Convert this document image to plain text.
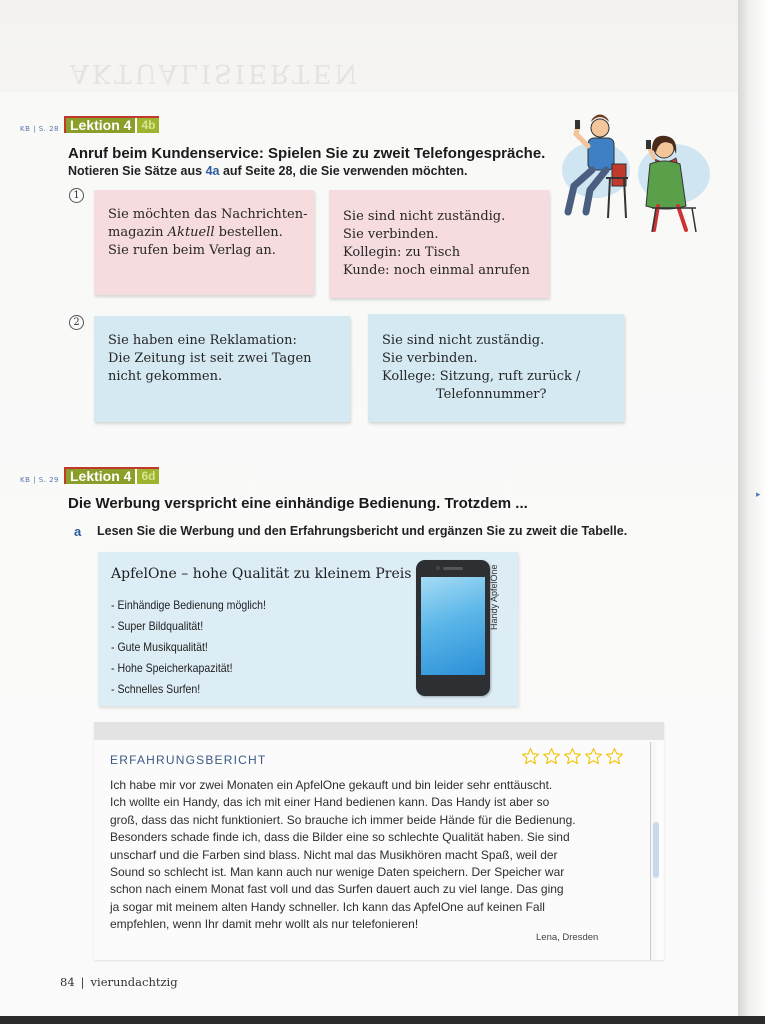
AKTUALISIERTEN
▸
KB | S. 28 Lektion 4 4b
Anruf beim Kundenservice: Spielen Sie zu zweit Telefongespräche.
Notieren Sie Sätze aus 4a auf Seite 28, die Sie verwenden möchten.
1
Sie möchten das Nachrichten-
magazin Aktuell bestellen.
Sie rufen beim Verlag an.
Sie sind nicht zuständig.
Sie verbinden.
Kollegin: zu Tisch
Kunde: noch einmal anrufen
2
Sie haben eine Reklamation:
Die Zeitung ist seit zwei Tagen
nicht gekommen.
Sie sind nicht zuständig.
Sie verbinden.
Kollege: Sitzung, ruft zurück /
Telefonnummer?
KB | S. 29 Lektion 4 6d
Die Werbung verspricht eine einhändige Bedienung. Trotzdem ...
a Lesen Sie die Werbung und den Erfahrungsbericht und ergänzen Sie zu zweit die Tabelle.
ApfelOne – hohe Qualität zu kleinem Preis
- Einhändige Bedienung möglich!
- Super Bildqualität!
- Gute Musikqualität!
- Hohe Speicherkapazität!
- Schnelles Surfen!
Handy ApfelOne
ERFAHRUNGSBERICHT
Ich habe mir vor zwei Monaten ein ApfelOne gekauft und bin leider sehr enttäuscht.
Ich wollte ein Handy, das ich mit einer Hand bedienen kann. Das Handy ist aber so
groß, dass das nicht funktioniert. So brauche ich immer beide Hände für die Bedienung.
Besonders schade finde ich, dass die Bilder eine so schlechte Qualität haben. Sie sind
unscharf und die Farben sind blass. Nicht mal das Musikhören macht Spaß, weil der
Sound so schlecht ist. Man kann auch nur wenige Daten speichern. Der Speicher war
schon nach einem Monat fast voll und das Surfen dauert auch zu viel lange. Das ging
ja sogar mit meinem alten Handy schneller. Ich kann das ApfelOne auf keinen Fall
empfehlen, wenn Ihr damit mehr wollt als nur telefonieren!
Lena, Dresden
84 | vierundachtzig
